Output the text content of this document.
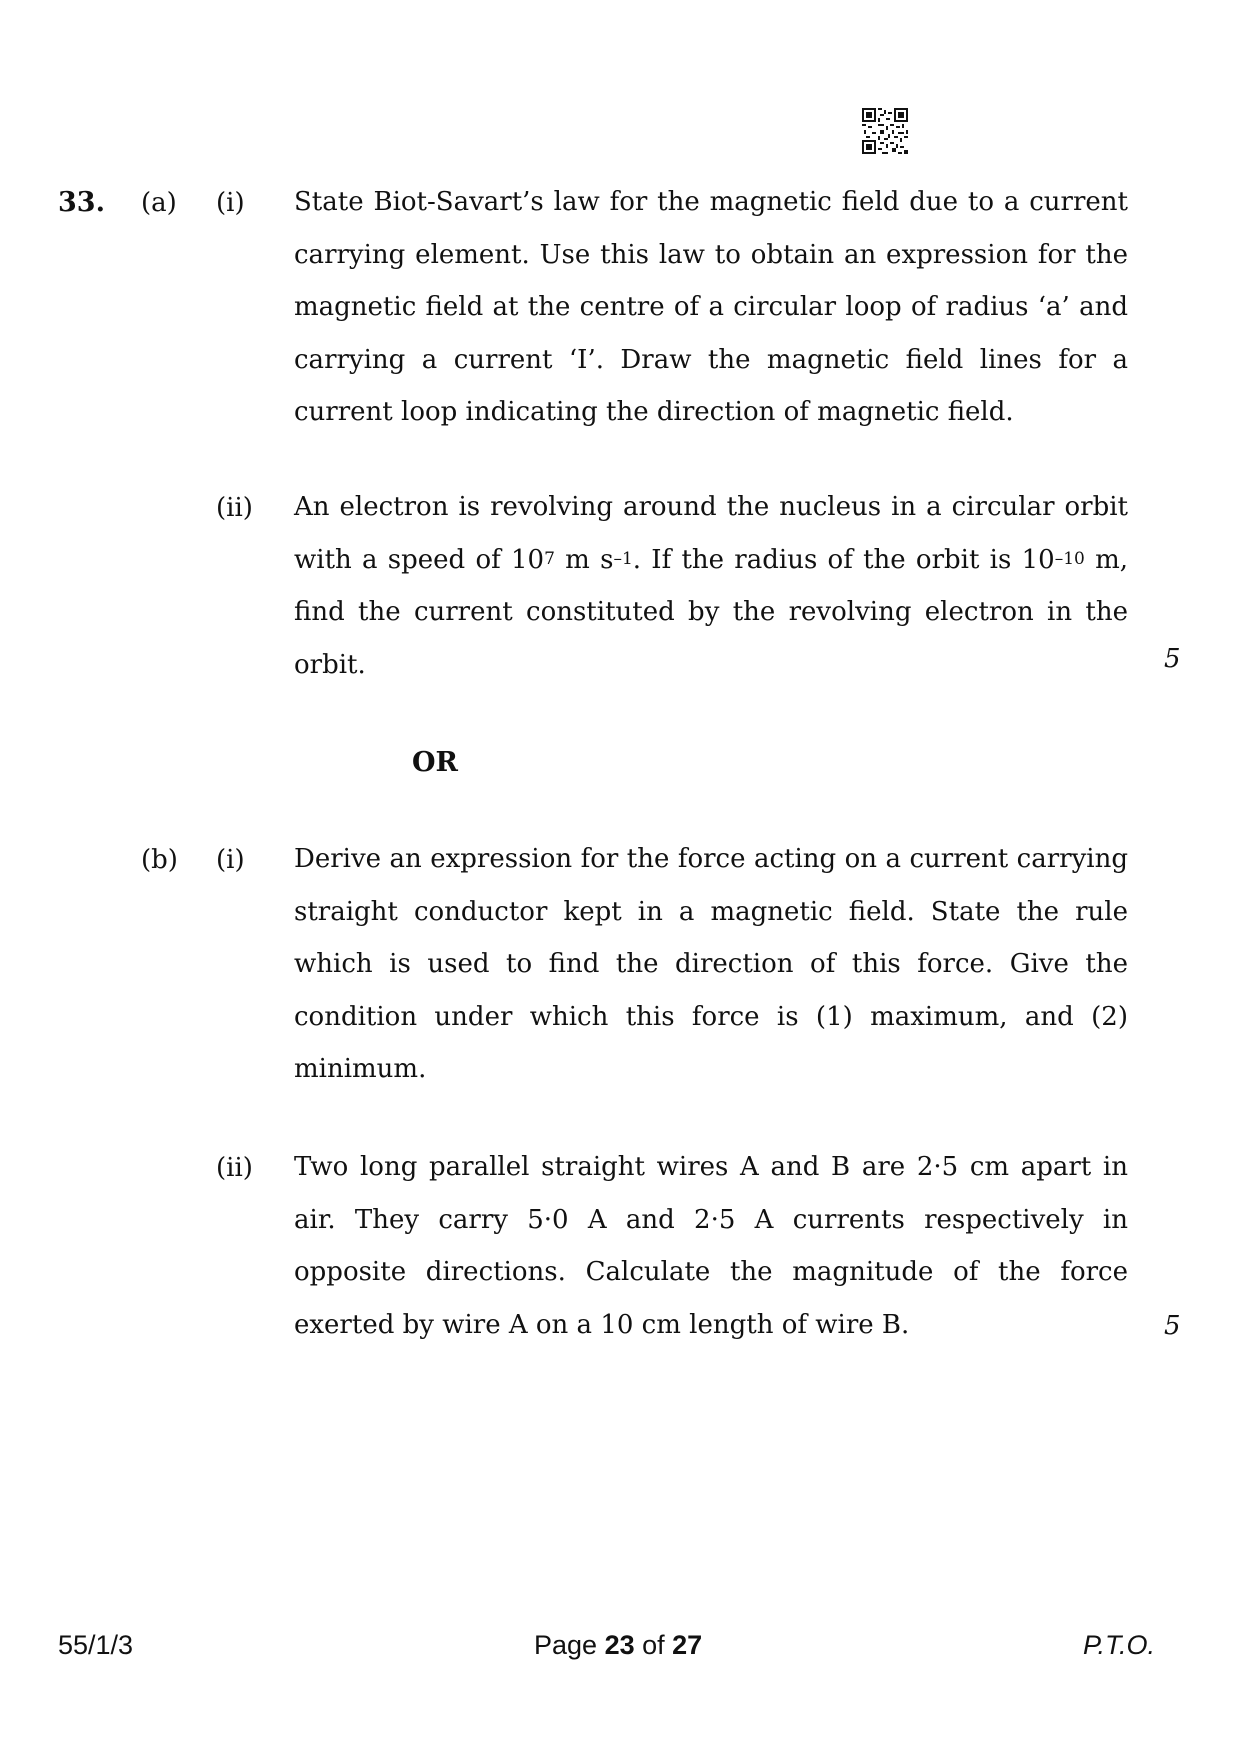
33. (a) (i) State Biot-Savart’s law for the magnetic field due to a current carrying element. Use this law to obtain an expression for the magnetic field at the centre of a circular loop of radius ‘a’ and carrying a current ‘I’. Draw the magnetic field lines for a current loop indicating the direction of magnetic field.
(ii) An electron is revolving around the nucleus in a circular orbit with a speed of $10^7$ m $s^{-1}$. If the radius of the orbit is $10^{-10}$ m, find the current constituted by the revolving electron in the orbit.	5
OR
(b) (i) Derive an expression for the force acting on a current carrying straight conductor kept in a magnetic field. State the rule which is used to find the direction of this force. Give the condition under which this force is (1) maximum, and (2) minimum.
(ii) Two long parallel straight wires A and B are 2·5 cm apart in air. They carry 5·0 A and 2·5 A currents respectively in opposite directions. Calculate the magnitude of the force exerted by wire A on a 10 cm length of wire B.	5
55/1/3	Page 23 of 27	P.T.O.
